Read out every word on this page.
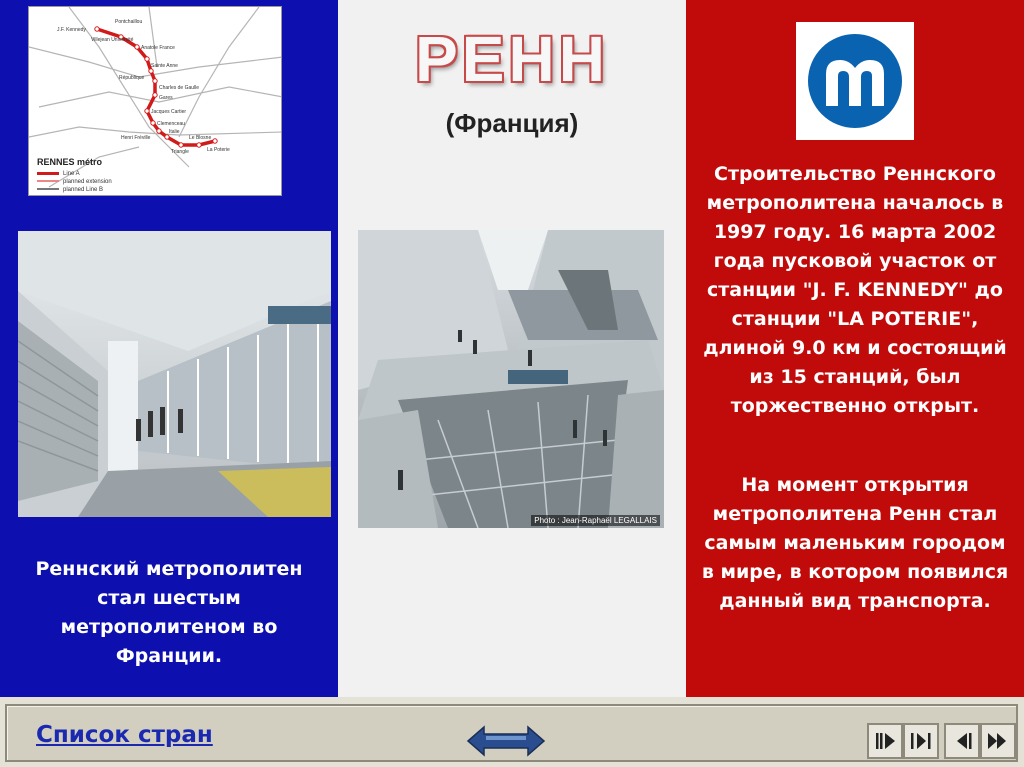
J.F. Kennedy
Villejean Université
Pontchaillou
Anatole France
Sainte Anne
République
Charles de Gaulle
Gares
Jacques Cartier
Clemenceau
Henri Fréville
Italie
Triangle
Le Blosne
La Poterie
RENNES métro
Line A
planned extension
planned Line B
Photo : Jean-Raphaël LEGALLAIS
РЕНН
(Франция)
Реннский метрополитен
стал шестым
метрополитеном во
Франции.
Строительство Реннского
метрополитена началось в
1997 году. 16 марта 2002
года пусковой участок от
станции "J. F. KENNEDY" до
станции "LA POTERIE",
длиной 9.0 км и состоящий
из 15 станций, был
торжественно открыт.
На момент открытия
метрополитена Ренн стал
самым маленьким городом
в мире, в котором появился
данный вид транспорта.
Список стран
